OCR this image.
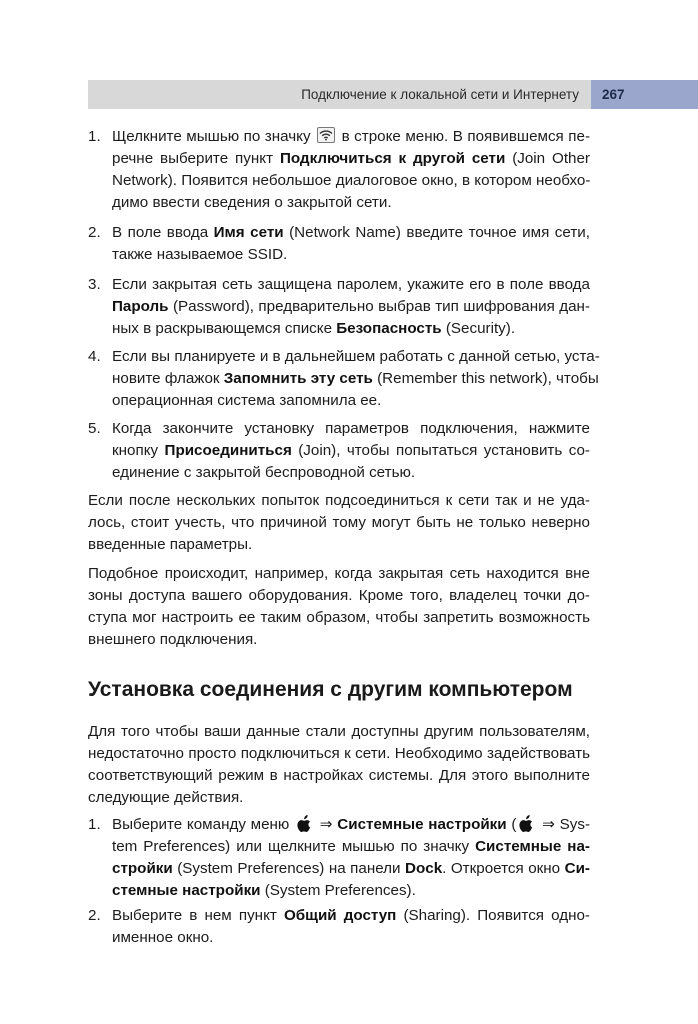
Подключение к локальной сети и Интернету	267
1. Щелкните мышью по значку
в строке меню. В появившемся пе-
речне выберите пункт Подключиться к другой сети (Join Other
Network). Появится небольшое диалоговое окно, в котором необхо-
димо ввести сведения о закрытой сети.
2. В поле ввода Имя сети (Network Name) введите точное имя сети,
также называемое SSID.
3. Если закрытая сеть защищена паролем, укажите его в поле ввода
Пароль (Password), предварительно выбрав тип шифрования дан-
ных в раскрывающемся списке Безопасность (Security).
4. Если вы планируете и в дальнейшем работать с данной сетью, уста-
новите флажок Запомнить эту сеть (Remember this network), чтобы
операционная система запомнила ее.
5. Когда закончите установку параметров подключения, нажмите
кнопку Присоединиться (Join), чтобы попытаться установить со-
единение с закрытой беспроводной сетью.
Если после нескольких попыток подсоединиться к сети так и не уда-
лось, стоит учесть, что причиной тому могут быть не только неверно
введенные параметры.
Подобное происходит, например, когда закрытая сеть находится вне
зоны доступа вашего оборудования. Кроме того, владелец точки до-
ступа мог настроить ее таким образом, чтобы запретить возможность
внешнего подключения.
Установка соединения с другим компьютером
Для того чтобы ваши данные стали доступны другим пользователям,
недостаточно просто подключиться к сети. Необходимо задействовать
соответствующий режим в настройках системы. Для этого выполните
следующие действия.
1. Выберите команду меню  ⇒ Системные настройки ( ⇒ Sys-
tem Preferences) или щелкните мышью по значку Системные на-
стройки (System Preferences) на панели Dock. Откроется окно Си-
стемные настройки (System Preferences).
2. Выберите в нем пункт Общий доступ (Sharing). Появится одно-
именное окно.
